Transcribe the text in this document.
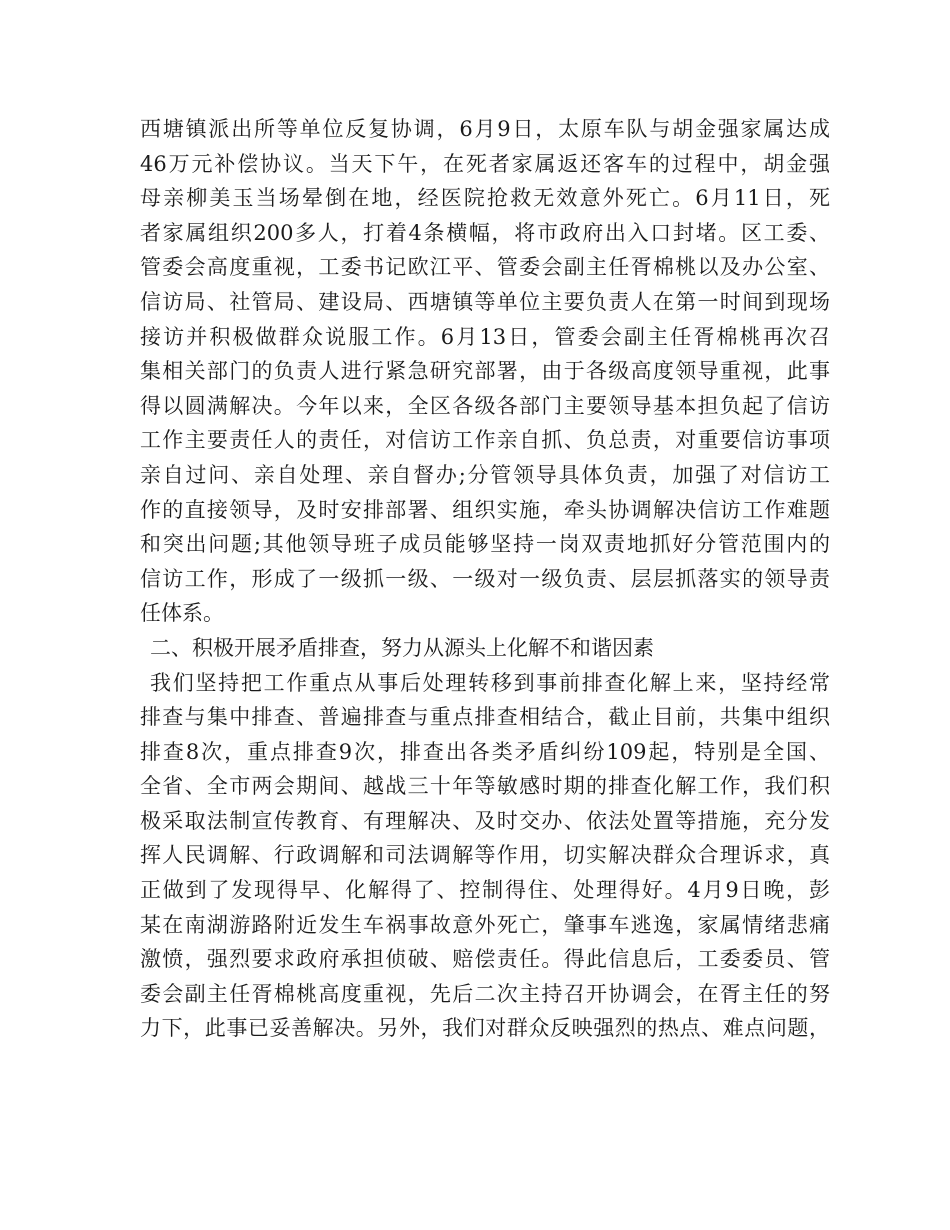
西塘镇派出所等单位反复协调，6月9日，太原车队与胡金强家属达成
46万元补偿协议。当天下午，在死者家属返还客车的过程中，胡金强
母亲柳美玉当场晕倒在地，经医院抢救无效意外死亡。6月11日，死
者家属组织200多人，打着4条横幅，将市政府出入口封堵。区工委、
管委会高度重视，工委书记欧江平、管委会副主任胥棉桃以及办公室、
信访局、社管局、建设局、西塘镇等单位主要负责人在第一时间到现场
接访并积极做群众说服工作。6月13日，管委会副主任胥棉桃再次召
集相关部门的负责人进行紧急研究部署，由于各级高度领导重视，此事
得以圆满解决。今年以来，全区各级各部门主要领导基本担负起了信访
工作主要责任人的责任，对信访工作亲自抓、负总责，对重要信访事项
亲自过问、亲自处理、亲自督办;分管领导具体负责，加强了对信访工
作的直接领导，及时安排部署、组织实施，牵头协调解决信访工作难题
和突出问题;其他领导班子成员能够坚持一岗双责地抓好分管范围内的
信访工作，形成了一级抓一级、一级对一级负责、层层抓落实的领导责
任体系。
二、积极开展矛盾排查，努力从源头上化解不和谐因素
我们坚持把工作重点从事后处理转移到事前排查化解上来，坚持经常
排查与集中排查、普遍排查与重点排查相结合，截止目前，共集中组织
排查8次，重点排查9次，排查出各类矛盾纠纷109起，特别是全国、
全省、全市两会期间、越战三十年等敏感时期的排查化解工作，我们积
极采取法制宣传教育、有理解决、及时交办、依法处置等措施，充分发
挥人民调解、行政调解和司法调解等作用，切实解决群众合理诉求，真
正做到了发现得早、化解得了、控制得住、处理得好。4月9日晚，彭
某在南湖游路附近发生车祸事故意外死亡，肇事车逃逸，家属情绪悲痛
激愤，强烈要求政府承担侦破、赔偿责任。得此信息后，工委委员、管
委会副主任胥棉桃高度重视，先后二次主持召开协调会，在胥主任的努
力下，此事已妥善解决。另外，我们对群众反映强烈的热点、难点问题，
